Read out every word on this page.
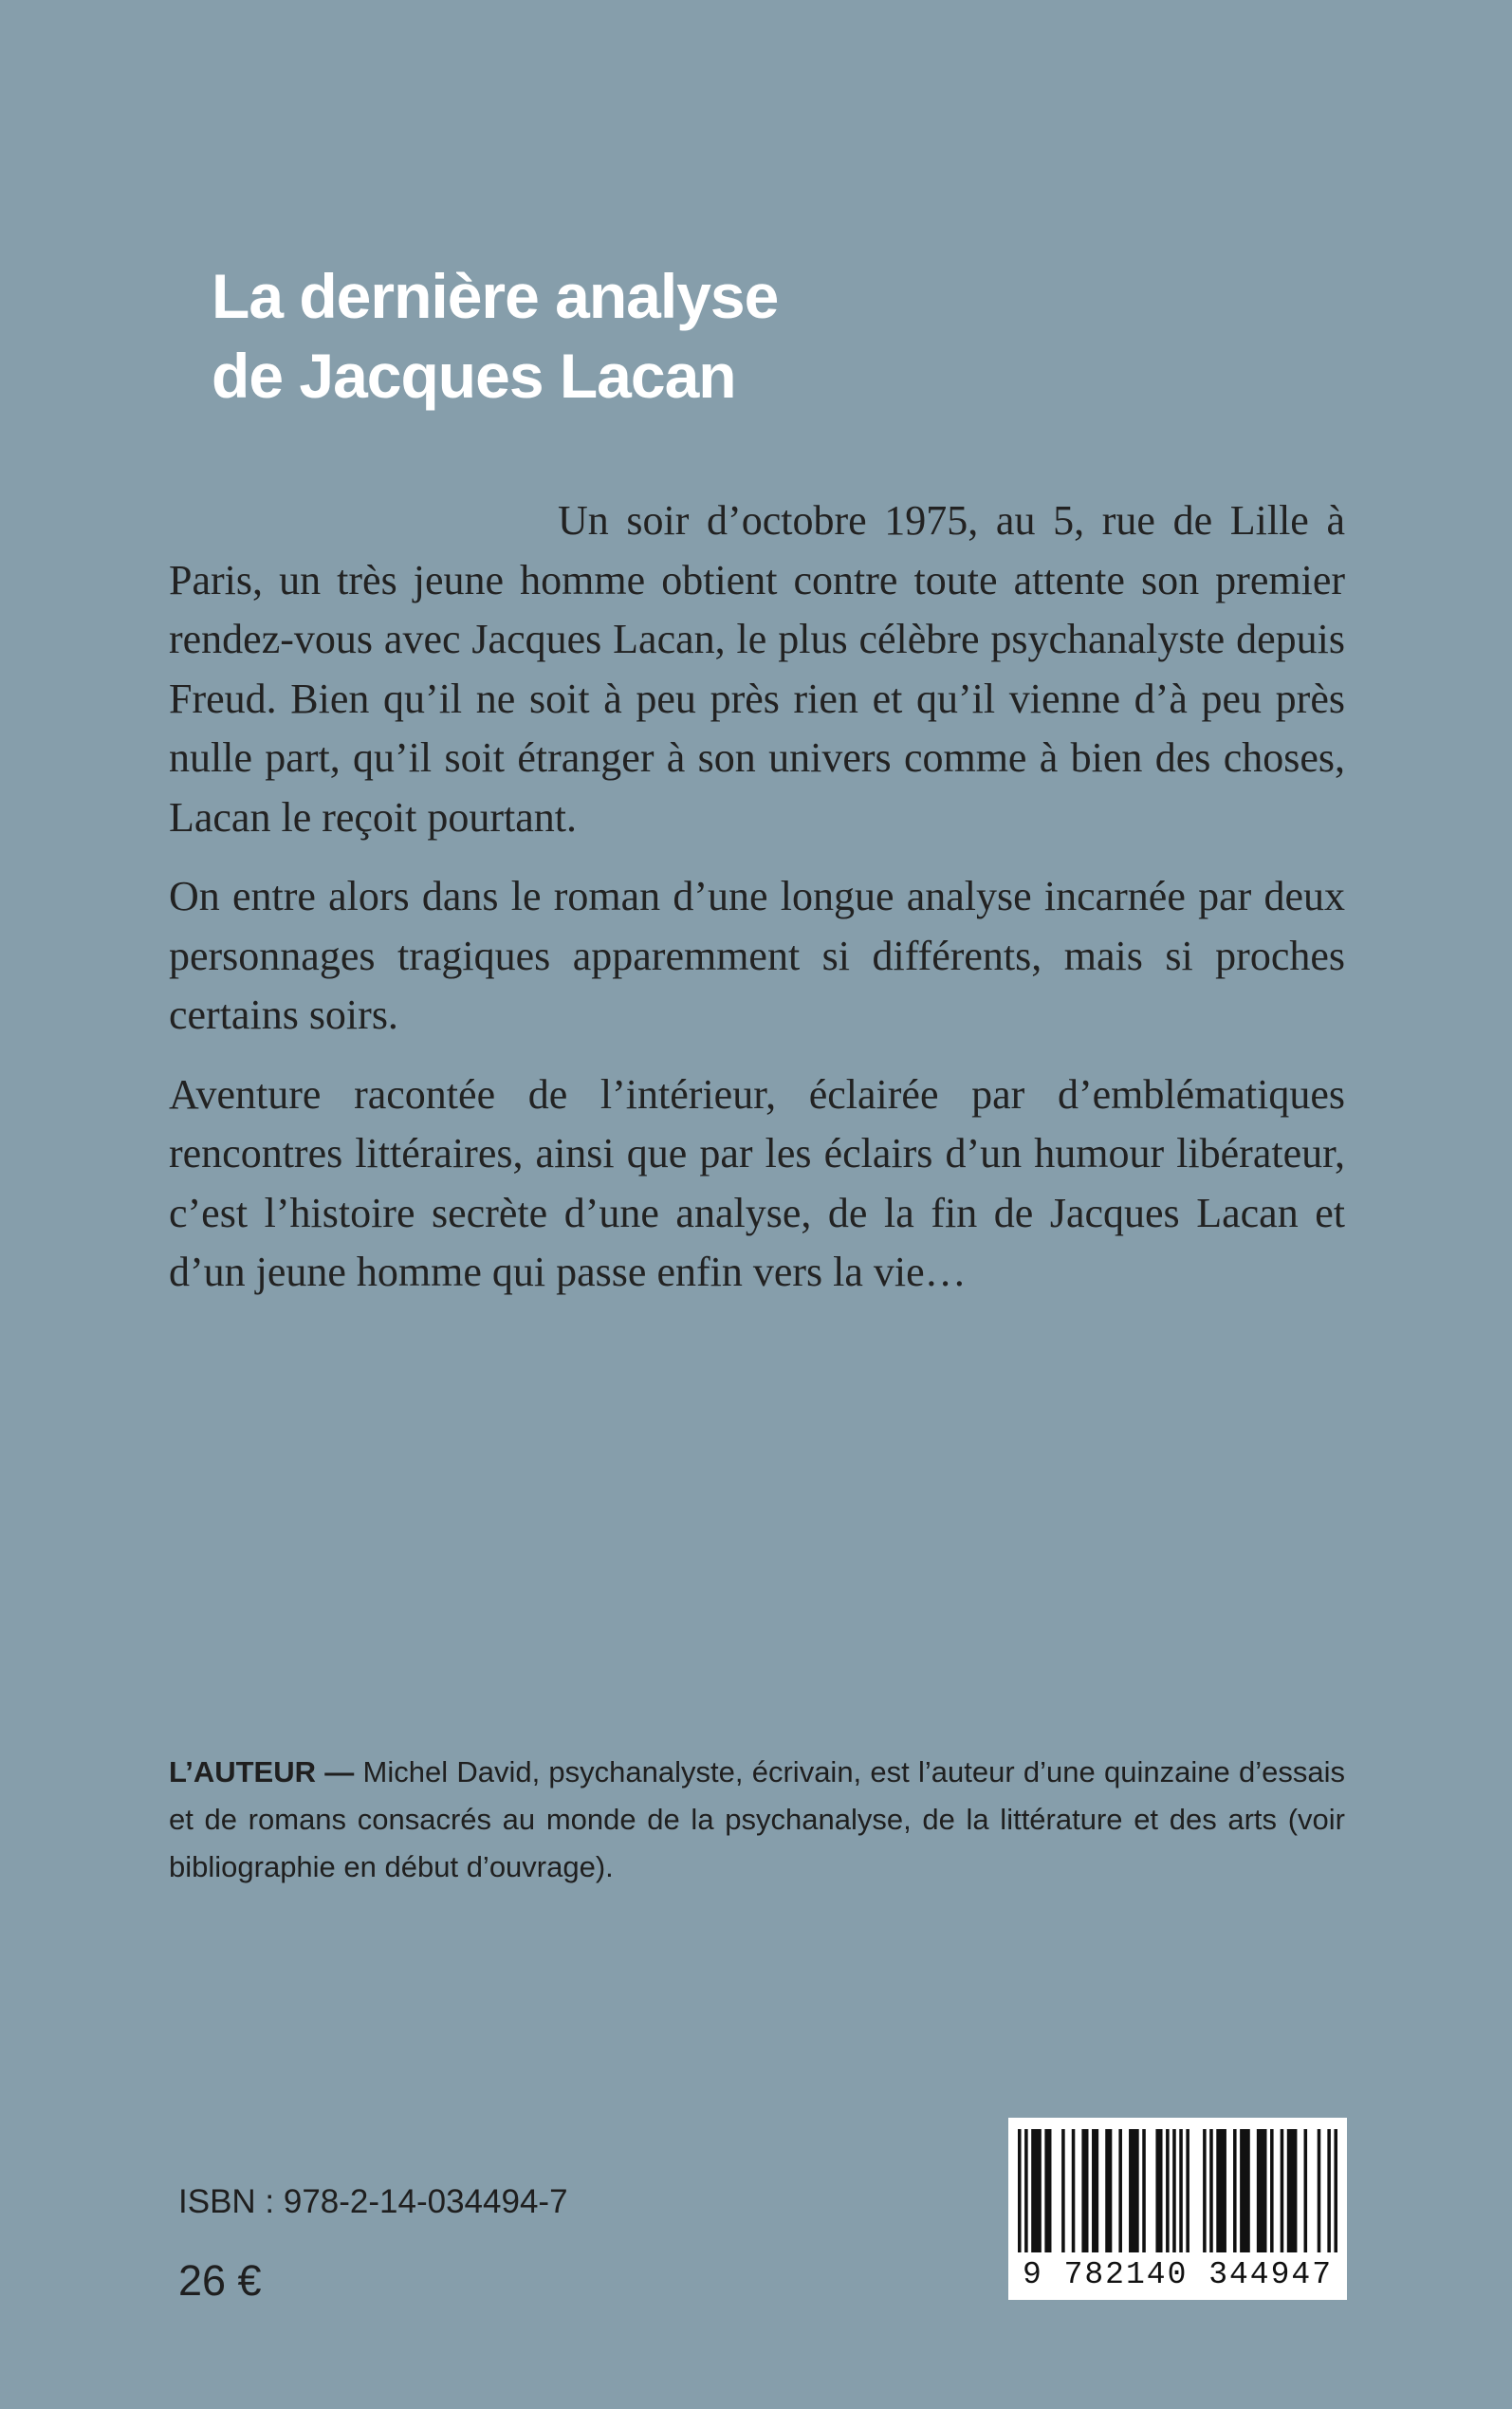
La dernière analyse
de Jacques Lacan

Un soir d’octobre 1975, au 5, rue de Lille à Paris, un très jeune homme obtient contre toute attente son premier rendez-vous avec Jacques Lacan, le plus célèbre psychanalyste depuis Freud. Bien qu’il ne soit à peu près rien et qu’il vienne d’à peu près nulle part, qu’il soit étranger à son univers comme à bien des choses, Lacan le reçoit pourtant.

On entre alors dans le roman d’une longue analyse incarnée par deux personnages tragiques apparemment si différents, mais si proches certains soirs.

Aventure racontée de l’intérieur, éclairée par d’emblématiques rencontres littéraires, ainsi que par les éclairs d’un humour libérateur, c’est l’histoire secrète d’une analyse, de la fin de Jacques Lacan et d’un jeune homme qui passe enfin vers la vie…

L’AUTEUR — Michel David, psychanalyste, écrivain, est l’auteur d’une quinzaine d’essais et de romans consacrés au monde de la psychanalyse, de la littérature et des arts (voir bibliographie en début d’ouvrage).

ISBN : 978-2-14-034494-7
26 €	9 782140 344947
